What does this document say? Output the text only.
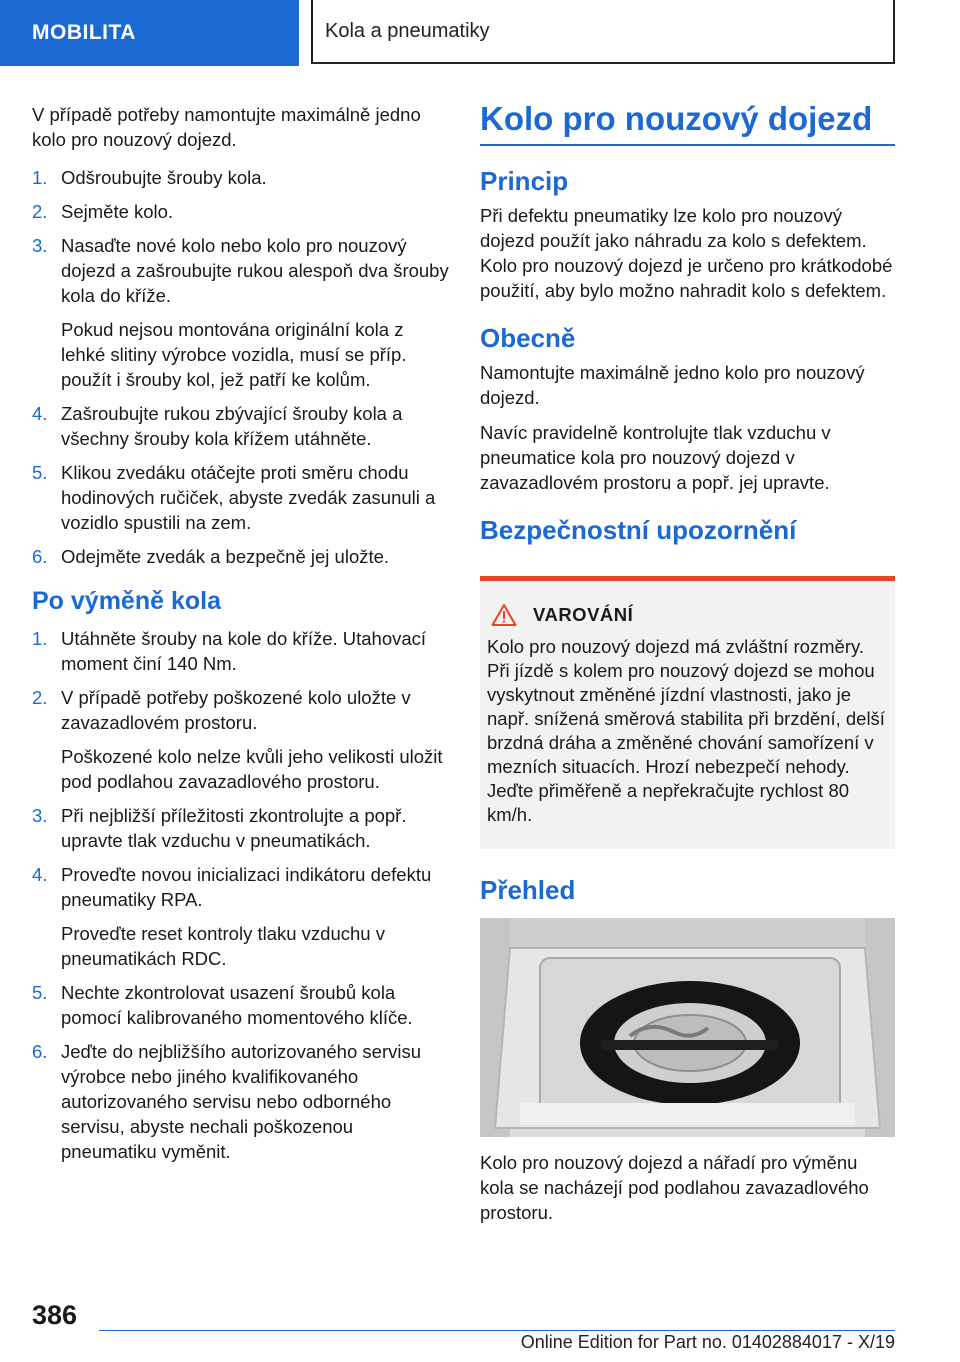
MOBILITA	Kola a pneumatiky

V případě potřeby namontujte maximálně jedno kolo pro nouzový dojezd.

1. Odšroubujte šrouby kola.
2. Sejměte kolo.
3. Nasaďte nové kolo nebo kolo pro nouzový dojezd a zašroubujte rukou alespoň dva šrouby kola do kříže.
Pokud nejsou montována originální kola z lehké slitiny výrobce vozidla, musí se příp. použít i šrouby kol, jež patří ke kolům.
4. Zašroubujte rukou zbývající šrouby kola a všechny šrouby kola křížem utáhněte.
5. Klikou zvedáku otáčejte proti směru chodu hodinových ručiček, abyste zvedák zasunuli a vozidlo spustili na zem.
6. Odejměte zvedák a bezpečně jej uložte.
Po výměně kola
1. Utáhněte šrouby na kole do kříže. Utahovací moment činí 140 Nm.
2. V případě potřeby poškozené kolo uložte v zavazadlovém prostoru.
Poškozené kolo nelze kvůli jeho velikosti uložit pod podlahou zavazadlového prostoru.
3. Při nejbližší příležitosti zkontrolujte a popř. upravte tlak vzduchu v pneumatikách.
4. Proveďte novou inicializaci indikátoru defektu pneumatiky RPA.
Proveďte reset kontroly tlaku vzduchu v pneumatikách RDC.
5. Nechte zkontrolovat usazení šroubů kola pomocí kalibrovaného momentového klíče.
6. Jeďte do nejbližšího autorizovaného servisu výrobce nebo jiného kvalifikovaného autorizovaného servisu nebo odborného servisu, abyste nechali poškozenou pneumatiku vyměnit.
Kolo pro nouzový dojezd
Princip

Při defektu pneumatiky lze kolo pro nouzový dojezd použít jako náhradu za kolo s defektem. Kolo pro nouzový dojezd je určeno pro krátkodobé použití, aby bylo možno nahradit kolo s defektem.

Obecně

Namontujte maximálně jedno kolo pro nouzový dojezd.

Navíc pravidelně kontrolujte tlak vzduchu v pneumatice kola pro nouzový dojezd v zavazadlovém prostoru a popř. jej upravte.

Bezpečnostní upozornění
VAROVÁNÍ

Kolo pro nouzový dojezd má zvláštní rozměry. Při jízdě s kolem pro nouzový dojezd se mohou vyskytnout změněné jízdní vlastnosti, jako je např. snížená směrová stabilita při brzdění, delší brzdná dráha a změněné chování samořízení v mezních situacích. Hrozí nebezpečí nehody. Jeďte přiměřeně a nepřekračujte rychlost 80 km/h.

Přehled

Kolo pro nouzový dojezd a nářadí pro výměnu kola se nacházejí pod podlahou zavazadlového prostoru.

386
Online Edition for Part no. 01402884017 - X/19
